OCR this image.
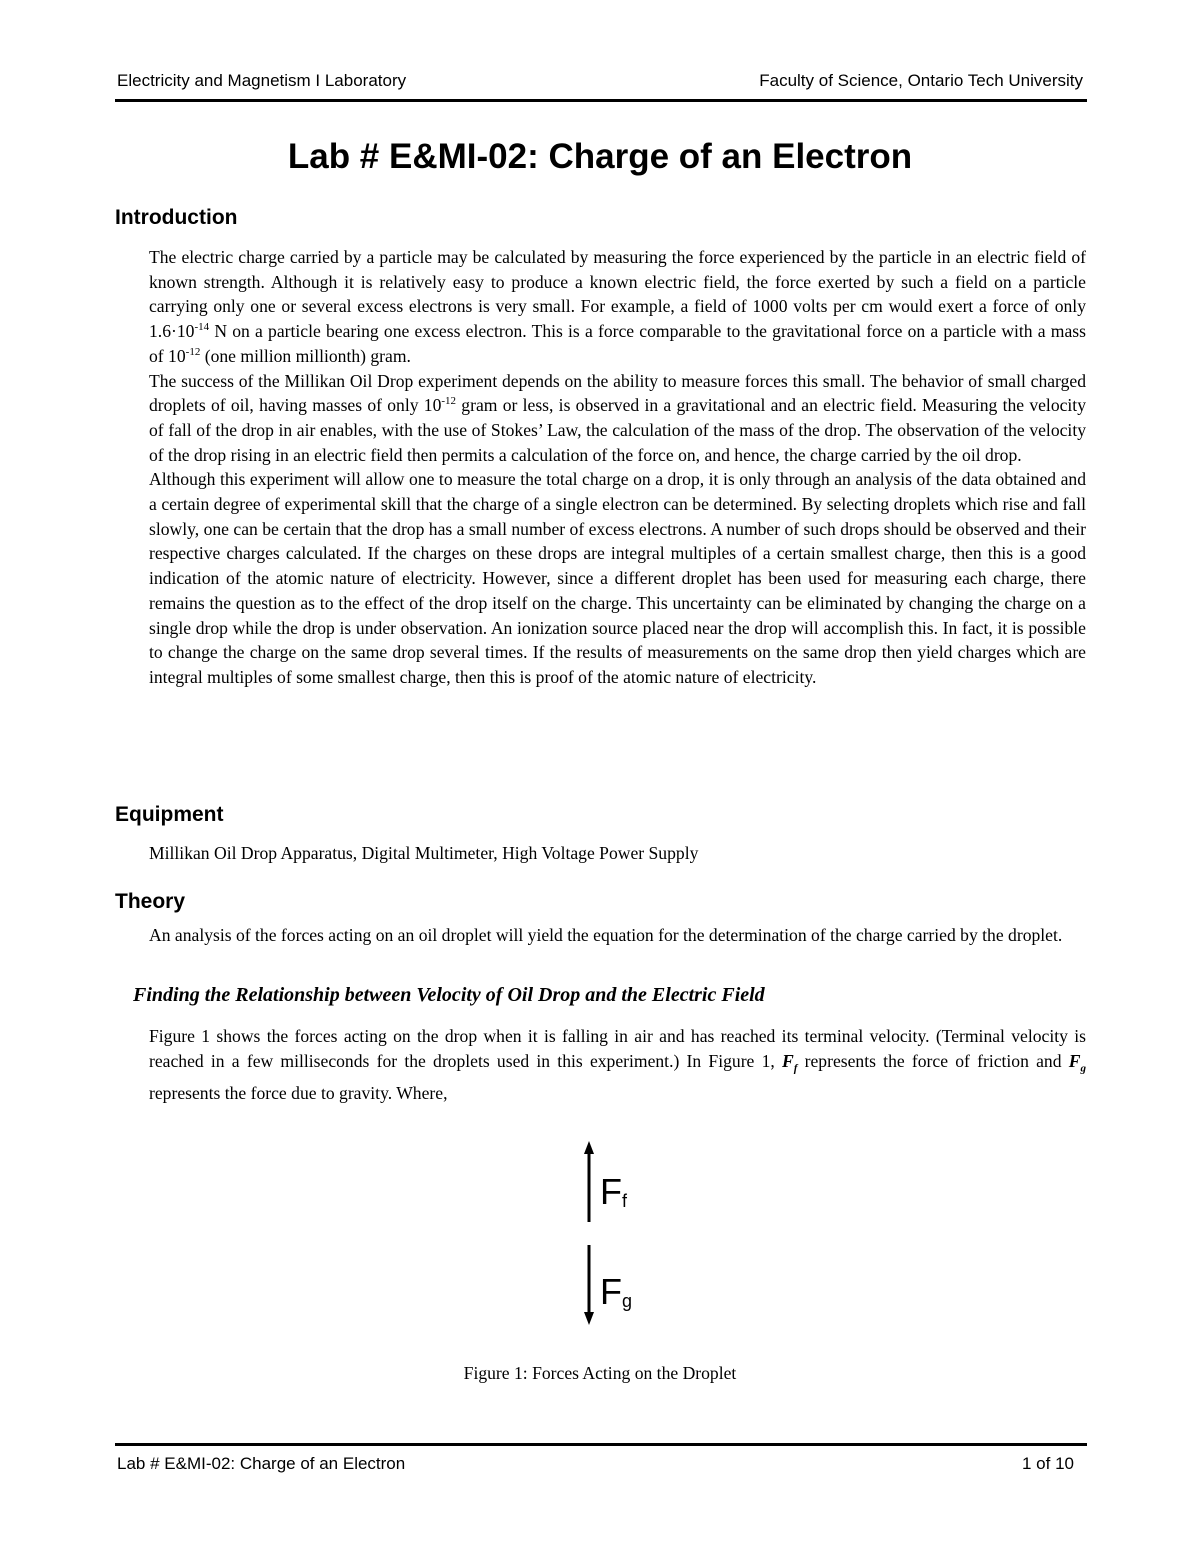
Electricity and Magnetism I Laboratory	Faculty of Science, Ontario Tech University
Lab # E&MI-02: Charge of an Electron
Introduction

The electric charge carried by a particle may be calculated by measuring the force experienced by the particle in an electric field of known strength. Although it is relatively easy to produce a known electric field, the force exerted by such a field on a particle carrying only one or several excess electrons is very small. For example, a field of 1000 volts per cm would exert a force of only $1.6\cdot 10^{-14}$ N on a particle bearing one excess electron. This is a force comparable to the gravitational force on a particle with a mass of $10^{-12}$ (one million millionth) gram.

The success of the Millikan Oil Drop experiment depends on the ability to measure forces this small. The behavior of small charged droplets of oil, having masses of only $10^{-12}$ gram or less, is observed in a gravitational and an electric field. Measuring the velocity of fall of the drop in air enables, with the use of Stokes’ Law, the calculation of the mass of the drop. The observation of the velocity of the drop rising in an electric field then permits a calculation of the force on, and hence, the charge carried by the oil drop.

Although this experiment will allow one to measure the total charge on a drop, it is only through an analysis of the data obtained and a certain degree of experimental skill that the charge of a single electron can be determined. By selecting droplets which rise and fall slowly, one can be certain that the drop has a small number of excess electrons. A number of such drops should be observed and their respective charges calculated. If the charges on these drops are integral multiples of a certain smallest charge, then this is a good indication of the atomic nature of electricity. However, since a different droplet has been used for measuring each charge, there remains the question as to the effect of the drop itself on the charge. This uncertainty can be eliminated by changing the charge on a single drop while the drop is under observation. An ionization source placed near the drop will accomplish this. In fact, it is possible to change the charge on the same drop several times. If the results of measurements on the same drop then yield charges which are integral multiples of some smallest charge, then this is proof of the atomic nature of electricity.

Equipment
Millikan Oil Drop Apparatus, Digital Multimeter, High Voltage Power Supply
Theory
An analysis of the forces acting on an oil droplet will yield the equation for the determination of the charge carried by the droplet.
Finding the Relationship between Velocity of Oil Drop and the Electric Field
Figure 1 shows the forces acting on the drop when it is falling in air and has reached its terminal velocity. (Terminal velocity is reached in a few milliseconds for the droplets used in this experiment.) In Figure 1, $F_f$ represents the force of friction and $F_g$ represents the force due to gravity. Where,
Ff
Fg
Figure 1: Forces Acting on the Droplet
Lab # E&MI-02: Charge of an Electron	1 of 10
